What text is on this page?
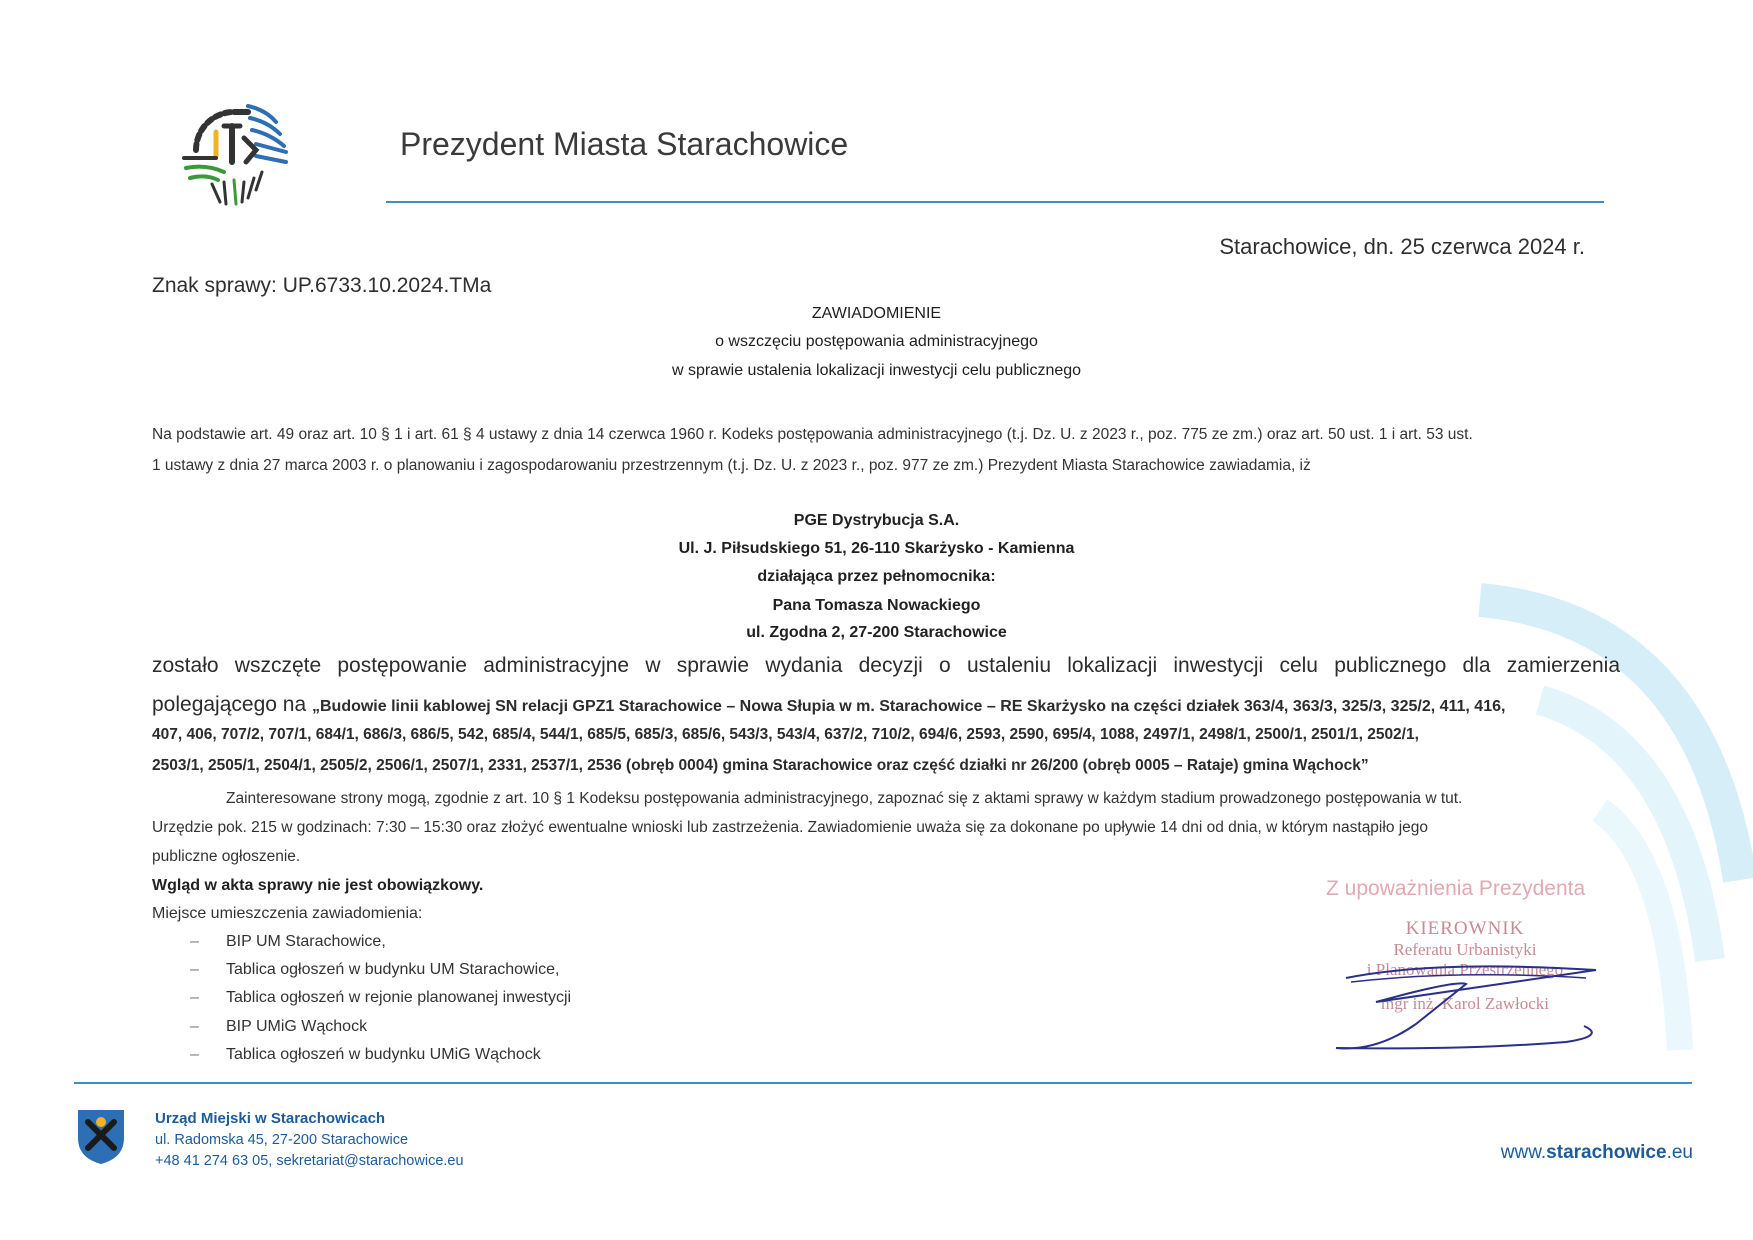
Prezydent Miasta Starachowice
Starachowice, dn. 25 czerwca 2024 r.
Znak sprawy: UP.6733.10.2024.TMa
ZAWIADOMIENIE
o wszczęciu postępowania administracyjnego
w sprawie ustalenia lokalizacji inwestycji celu publicznego
Na podstawie art. 49 oraz art. 10 § 1 i art. 61 § 4 ustawy z dnia 14 czerwca 1960 r. Kodeks postępowania administracyjnego (t.j. Dz. U. z 2023 r., poz. 775 ze zm.) oraz art. 50 ust. 1 i art. 53 ust.
1 ustawy z dnia 27 marca 2003 r. o planowaniu i zagospodarowaniu przestrzennym (t.j. Dz. U. z 2023 r., poz. 977 ze zm.) Prezydent Miasta Starachowice zawiadamia, iż
PGE Dystrybucja S.A.
Ul. J. Piłsudskiego 51, 26-110 Skarżysko - Kamienna
działająca przez pełnomocnika:
Pana Tomasza Nowackiego
ul. Zgodna 2, 27-200 Starachowice
zostało wszczęte postępowanie administracyjne w sprawie wydania decyzji o ustaleniu lokalizacji inwestycji celu publicznego dla zamierzenia
polegającego na „Budowie linii kablowej SN relacji GPZ1 Starachowice – Nowa Słupia w m. Starachowice – RE Skarżysko na części działek 363/4, 363/3, 325/3, 325/2, 411, 416,
407, 406, 707/2, 707/1, 684/1, 686/3, 686/5, 542, 685/4, 544/1, 685/5, 685/3, 685/6, 543/3, 543/4, 637/2, 710/2, 694/6, 2593, 2590, 695/4, 1088, 2497/1, 2498/1, 2500/1, 2501/1, 2502/1,
2503/1, 2505/1, 2504/1, 2505/2, 2506/1, 2507/1, 2331, 2537/1, 2536 (obręb 0004) gmina Starachowice oraz część działki nr 26/200 (obręb 0005 – Rataje) gmina Wąchock”
Zainteresowane strony mogą, zgodnie z art. 10 § 1 Kodeksu postępowania administracyjnego, zapoznać się z aktami sprawy w każdym stadium prowadzonego postępowania w tut.
Urzędzie pok. 215 w godzinach: 7:30 – 15:30 oraz złożyć ewentualne wnioski lub zastrzeżenia. Zawiadomienie uważa się za dokonane po upływie 14 dni od dnia, w którym nastąpiło jego
publiczne ogłoszenie.
Wgląd w akta sprawy nie jest obowiązkowy.
Miejsce umieszczenia zawiadomienia:
– BIP UM Starachowice,
– Tablica ogłoszeń w budynku UM Starachowice,
– Tablica ogłoszeń w rejonie planowanej inwestycji
– BIP UMiG Wąchock
– Tablica ogłoszeń w budynku UMiG Wąchock
Z upoważnienia Prezydenta
KIEROWNIK
Referatu Urbanistyki
i Planowania Przestrzennego
mgr inż. Karol Zawłocki
Urząd Miejski w Starachowicach
ul. Radomska 45, 27-200 Starachowice
+48 41 274 63 05, sekretariat@starachowice.eu	www.starachowice.eu
